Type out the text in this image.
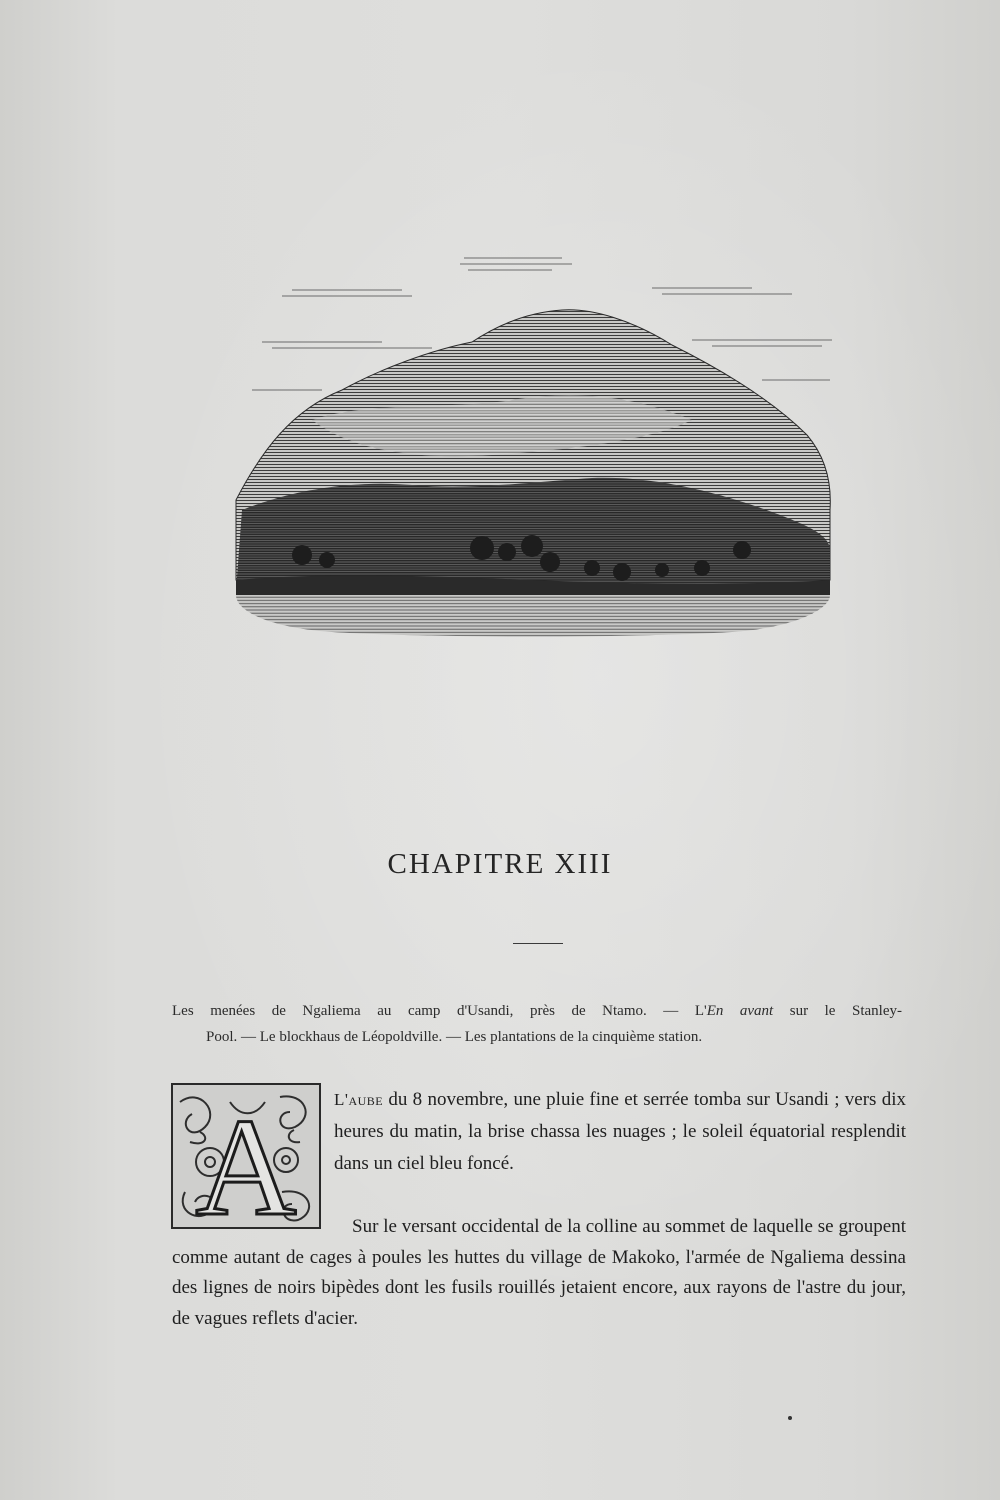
CHAPITRE XIII
Les menées de Ngaliema au camp d'Usandi, près de Ntamo. — L'En avant sur le Stanley-
Pool. — Le blockhaus de Léopoldville. — Les plantations de la cinquième station.
A L'aube du 8 novembre, une pluie fine et serrée tomba sur Usandi ; vers dix heures du matin, la brise chassa les nuages ; le soleil équatorial resplendit dans un ciel bleu foncé.

Sur le versant occidental de la colline au sommet de laquelle se groupent comme autant de cages à poules les huttes du village de Makoko, l'armée de Ngaliema dessina des lignes de noirs bipèdes dont les fusils rouillés jetaient encore, aux rayons de l'astre du jour, de vagues reflets d'acier.
